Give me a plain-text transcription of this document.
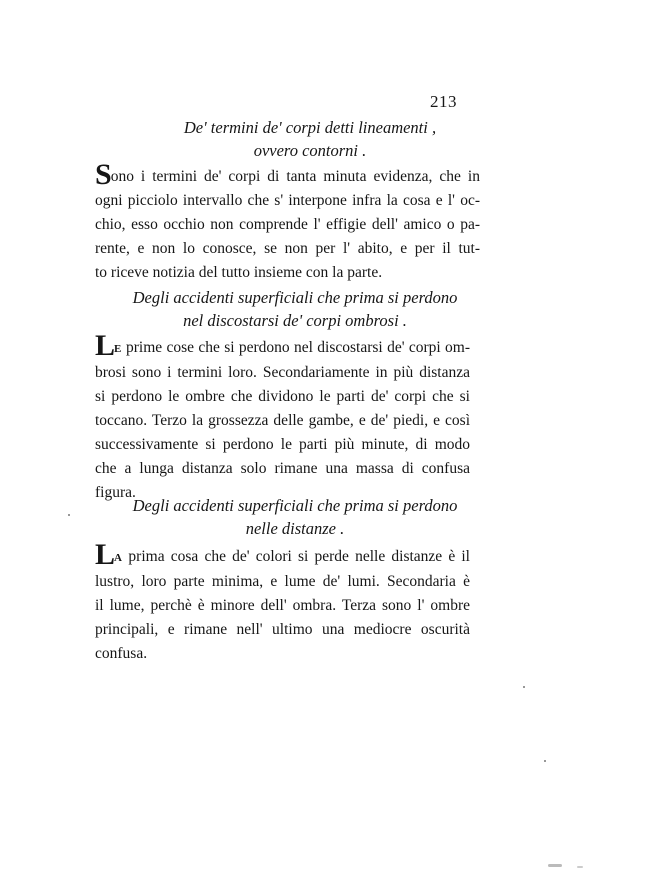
213
De' termini de' corpi detti lineamenti ,
ovvero contorni .
Sono i termini de' corpi di tanta minuta evidenza, che in
ogni picciolo intervallo che s' interpone infra la cosa e l' oc-
chio, esso occhio non comprende l' effigie dell' amico o pa-
rente, e non lo conosce, se non per l' abito, e per il tut-
to riceve notizia del tutto insieme con la parte.
Degli accidenti superficiali che prima si perdono
nel discostarsi de' corpi ombrosi .
LE prime cose che si perdono nel discostarsi de' corpi om-
brosi sono i termini loro. Secondariamente in più distanza
si perdono le ombre che dividono le parti de' corpi che si
toccano. Terzo la grossezza delle gambe, e de' piedi, e così
successivamente si perdono le parti più minute, di modo
che a lunga distanza solo rimane una massa di confusa
figura.
Degli accidenti superficiali che prima si perdono
nelle distanze .
LA prima cosa che de' colori si perde nelle distanze è il
lustro, loro parte minima, e lume de' lumi. Secondaria è
il lume, perchè è minore dell' ombra. Terza sono l' ombre
principali, e rimane nell' ultimo una mediocre oscurità
confusa.
